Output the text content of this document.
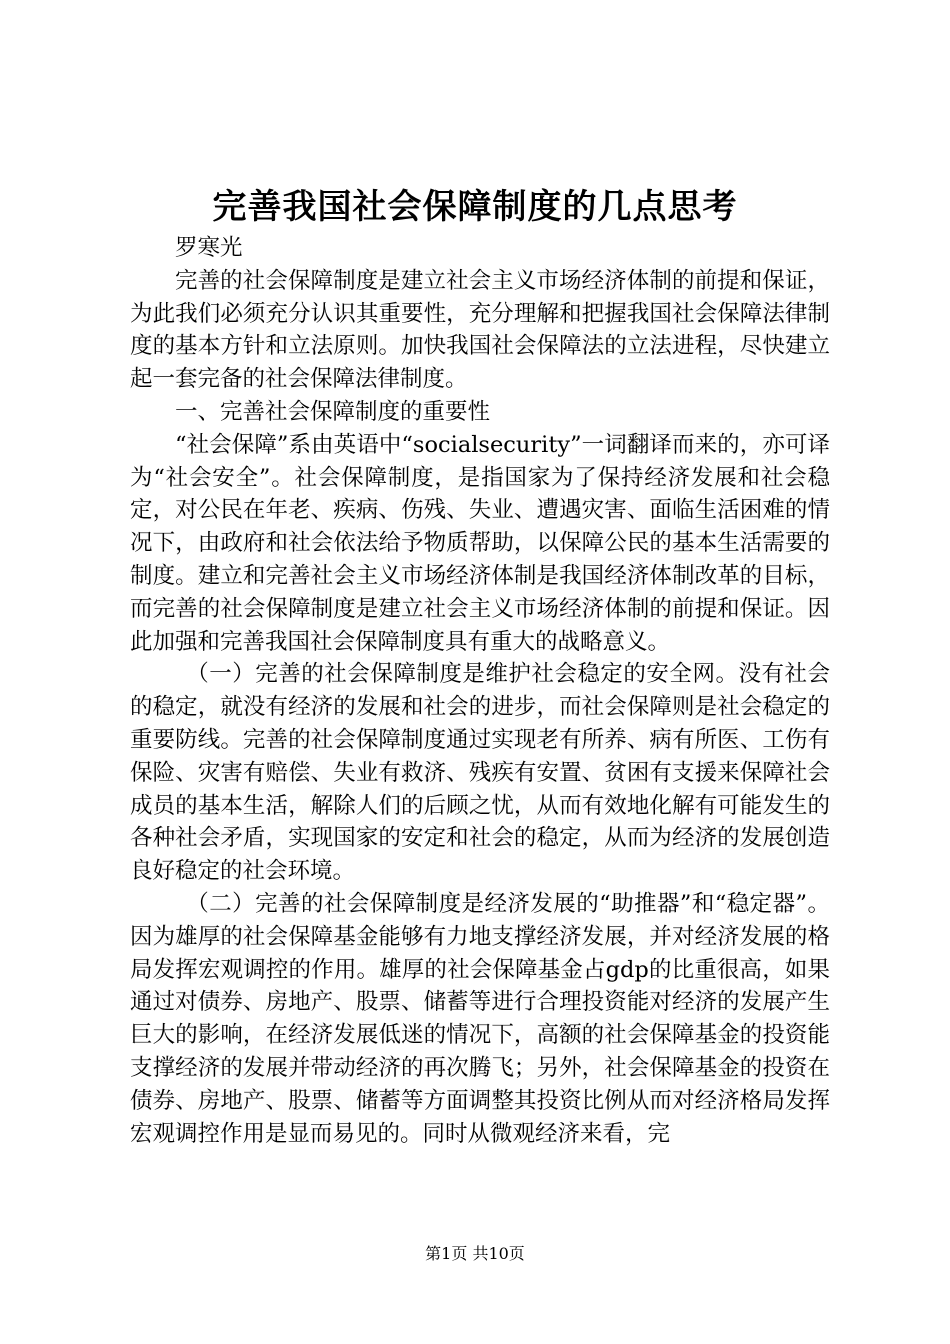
完善我国社会保障制度的几点思考

罗寒光

完善的社会保障制度是建立社会主义市场经济体制的前提和保证，为此我们必须充分认识其重要性，充分理解和把握我国社会保障法律制度的基本方针和立法原则。加快我国社会保障法的立法进程，尽快建立起一套完备的社会保障法律制度。

一、完善社会保障制度的重要性

“社会保障”系由英语中“socialsecurity”一词翻译而来的，亦可译为“社会安全”。社会保障制度，是指国家为了保持经济发展和社会稳定，对公民在年老、疾病、伤残、失业、遭遇灾害、面临生活困难的情况下，由政府和社会依法给予物质帮助，以保障公民的基本生活需要的制度。建立和完善社会主义市场经济体制是我国经济体制改革的目标，而完善的社会保障制度是建立社会主义市场经济体制的前提和保证。因此加强和完善我国社会保障制度具有重大的战略意义。

（一）完善的社会保障制度是维护社会稳定的安全网。没有社会的稳定，就没有经济的发展和社会的进步，而社会保障则是社会稳定的重要防线。完善的社会保障制度通过实现老有所养、病有所医、工伤有保险、灾害有赔偿、失业有救济、残疾有安置、贫困有支援来保障社会成员的基本生活，解除人们的后顾之忧，从而有效地化解有可能发生的各种社会矛盾，实现国家的安定和社会的稳定，从而为经济的发展创造良好稳定的社会环境。

（二）完善的社会保障制度是经济发展的“助推器”和“稳定器”。因为雄厚的社会保障基金能够有力地支撑经济发展，并对经济发展的格局发挥宏观调控的作用。雄厚的社会保障基金占gdp的比重很高，如果通过对债券、房地产、股票、储蓄等进行合理投资能对经济的发展产生巨大的影响，在经济发展低迷的情况下，高额的社会保障基金的投资能支撑经济的发展并带动经济的再次腾飞；另外，社会保障基金的投资在债券、房地产、股票、储蓄等方面调整其投资比例从而对经济格局发挥宏观调控作用是显而易见的。同时从微观经济来看，完

第1页 共10页
